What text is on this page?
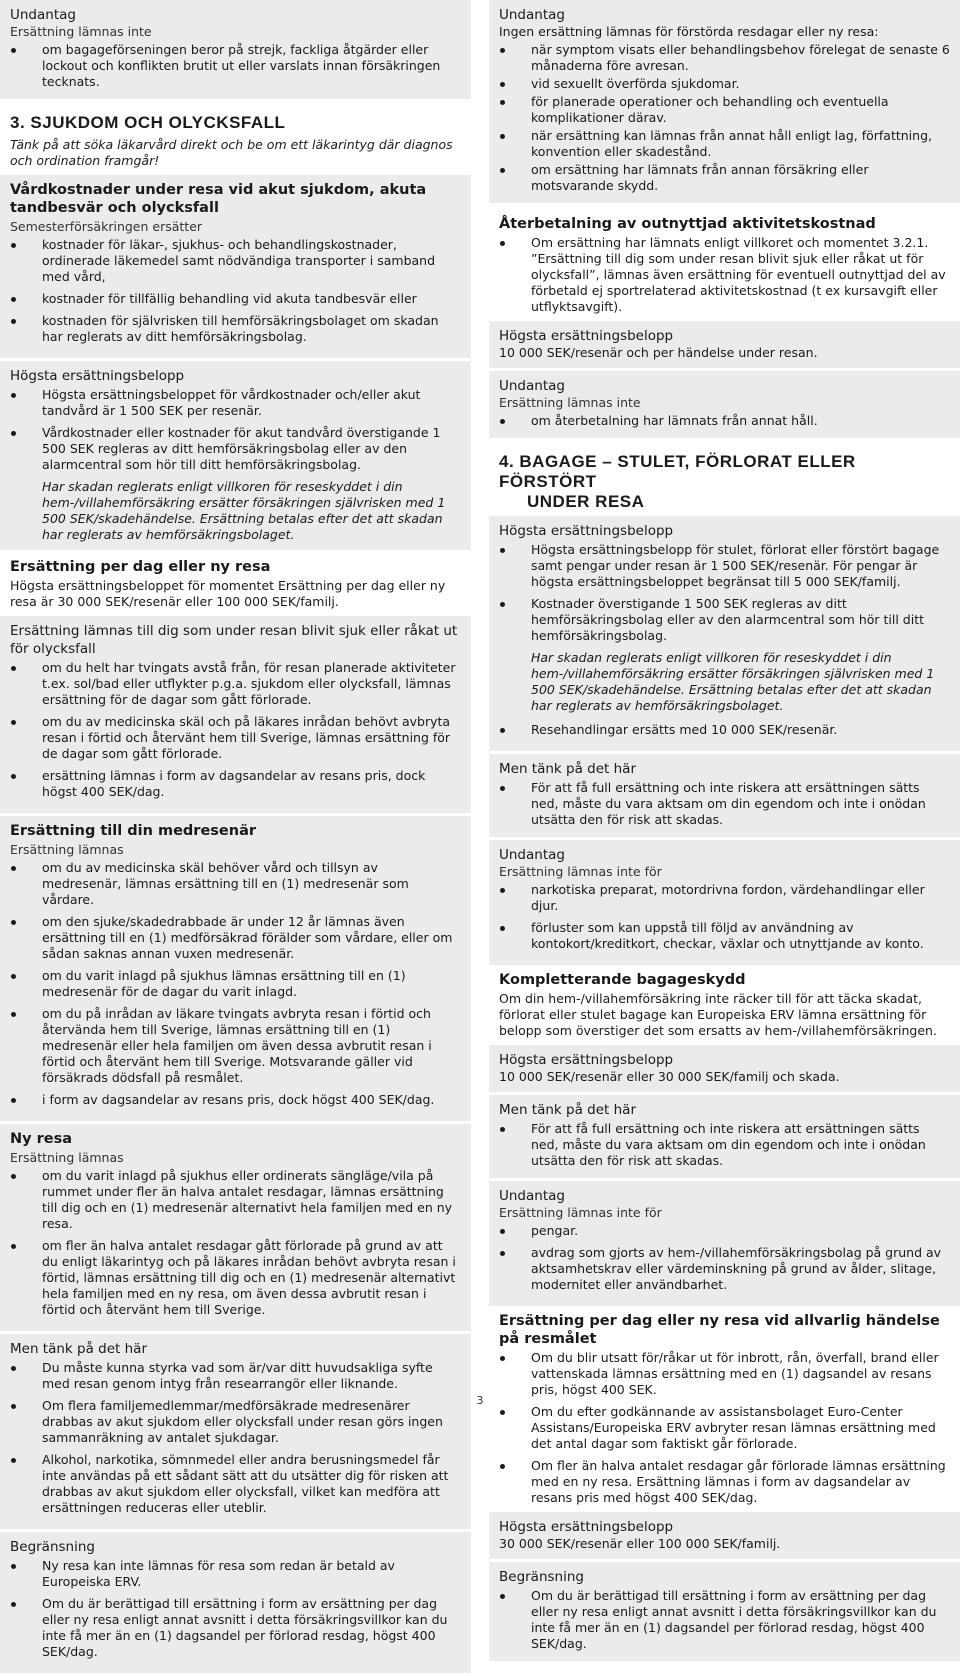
Undantag

Ersättning lämnas inte

om bagageförseningen beror på strejk, fackliga åtgärder eller lockout och konflikten brutit ut eller varslats innan försäkringen tecknats.
3. SJUKDOM OCH OLYCKSFALL

Tänk på att söka läkarvård direkt och be om ett läkarintyg där diagnos och ordination framgår!

Vårdkostnader under resa vid akut sjukdom, akuta tandbesvär och olycksfall

Semesterförsäkringen ersätter

kostnader för läkar-, sjukhus- och behandlingskostnader, ordinerade läkemedel samt nödvändiga transporter i samband med vård,
kostnader för tillfällig behandling vid akuta tandbesvär eller
kostnaden för självrisken till hemförsäkringsbolaget om skadan har reglerats av ditt hemförsäkringsbolag.
Högsta ersättningsbelopp
Högsta ersättningsbeloppet för vårdkostnader och/eller akut tandvård är 1 500 SEK per resenär.
Vårdkostnader eller kostnader för akut tandvård överstigande 1 500 SEK regleras av ditt hemförsäkringsbolag eller av den alarmcentral som hör till ditt hemförsäkringsbolag.

Har skadan reglerats enligt villkoren för reseskyddet i din hem-/villahemförsäkring ersätter försäkringen självrisken med 1 500 SEK/skadehändelse. Ersättning betalas efter det att skadan har reglerats av hemförsäkringsbolaget.

Ersättning per dag eller ny resa

Högsta ersättningsbeloppet för momentet Ersättning per dag eller ny resa är 30 000 SEK/resenär eller 100 000 SEK/familj.

Ersättning lämnas till dig som under resan blivit sjuk eller råkat ut för olycksfall
om du helt har tvingats avstå från, för resan planerade aktiviteter t.ex. sol/bad eller utflykter p.g.a. sjukdom eller olycksfall, lämnas ersättning för de dagar som gått förlorade.
om du av medicinska skäl och på läkares inrådan behövt avbryta resan i förtid och återvänt hem till Sverige, lämnas ersättning för de dagar som gått förlorade.
ersättning lämnas i form av dagsandelar av resans pris, dock högst 400 SEK/dag.
Ersättning till din medresenär

Ersättning lämnas

om du av medicinska skäl behöver vård och tillsyn av medresenär, lämnas ersättning till en (1) medresenär som vårdare.
om den sjuke/skadedrabbade är under 12 år lämnas även ersättning till en (1) medförsäkrad förälder som vårdare, eller om sådan saknas annan vuxen medresenär.
om du varit inlagd på sjukhus lämnas ersättning till en (1) medresenär för de dagar du varit inlagd.
om du på inrådan av läkare tvingats avbryta resan i förtid och återvända hem till Sverige, lämnas ersättning till en (1) medresenär eller hela familjen om även dessa avbrutit resan i förtid och återvänt hem till Sverige. Motsvarande gäller vid försäkrads dödsfall på resmålet.
i form av dagsandelar av resans pris, dock högst 400 SEK/dag.
Ny resa

Ersättning lämnas

om du varit inlagd på sjukhus eller ordinerats sängläge/vila på rummet under fler än halva antalet resdagar, lämnas ersättning till dig och en (1) medresenär alternativt hela familjen med en ny resa.
om fler än halva antalet resdagar gått förlorade på grund av att du enligt läkarintyg och på läkares inrådan behövt avbryta resan i förtid, lämnas ersättning till dig och en (1) medresenär alternativt hela familjen med en ny resa, om även dessa avbrutit resan i förtid och återvänt hem till Sverige.
Men tänk på det här
Du måste kunna styrka vad som är/var ditt huvudsakliga syfte med resan genom intyg från researrangör eller liknande.
Om flera familjemedlemmar/medförsäkrade medresenärer drabbas av akut sjukdom eller olycksfall under resan görs ingen sammanräkning av antalet sjukdagar.
Alkohol, narkotika, sömnmedel eller andra berusningsmedel får inte användas på ett sådant sätt att du utsätter dig för risken att drabbas av akut sjukdom eller olycksfall, vilket kan medföra att ersättningen reduceras eller uteblir.
Begränsning
Ny resa kan inte lämnas för resa som redan är betald av Europeiska ERV.
Om du är berättigad till ersättning i form av ersättning per dag eller ny resa enligt annat avsnitt i detta försäkringsvillkor kan du inte få mer än en (1) dagsandel per förlorad resdag, högst 400 SEK/dag.
Undantag

Ingen ersättning lämnas för förstörda resdagar eller ny resa:

när symptom visats eller behandlingsbehov förelegat de senaste 6 månaderna före avresan.
vid sexuellt överförda sjukdomar.
för planerade operationer och behandling och eventuella komplikationer därav.
när ersättning kan lämnas från annat håll enligt lag, författning, konvention eller skadestånd.
om ersättning har lämnats från annan försäkring eller motsvarande skydd.
Återbetalning av outnyttjad aktivitetskostnad
Om ersättning har lämnats enligt villkoret och momentet 3.2.1. ”Ersättning till dig som under resan blivit sjuk eller råkat ut för olycksfall”, lämnas även ersättning för eventuell outnyttjad del av förbetald ej sportrelaterad aktivitetskostnad (t ex kursavgift eller utflyktsavgift).
Högsta ersättningsbelopp

10 000 SEK/resenär och per händelse under resan.

Undantag

Ersättning lämnas inte

om återbetalning har lämnats från annat håll.
4. BAGAGE – STULET, FÖRLORAT ELLER FÖRSTÖRT
UNDER RESA
Högsta ersättningsbelopp
Högsta ersättningsbelopp för stulet, förlorat eller förstört bagage samt pengar under resan är 1 500 SEK/resenär. För pengar är högsta ersättningsbeloppet begränsat till 5 000 SEK/familj.
Kostnader överstigande 1 500 SEK regleras av ditt hemförsäkringsbolag eller av den alarmcentral som hör till ditt hemförsäkringsbolag.

Har skadan reglerats enligt villkoren för reseskyddet i din hem-/villahemförsäkring ersätter försäkringen självrisken med 1 500 SEK/skadehändelse. Ersättning betalas efter det att skadan har reglerats av hemförsäkringsbolaget.

Resehandlingar ersätts med 10 000 SEK/resenär.
Men tänk på det här
För att få full ersättning och inte riskera att ersättningen sätts ned, måste du vara aktsam om din egendom och inte i onödan utsätta den för risk att skadas.
Undantag

Ersättning lämnas inte för

narkotiska preparat, motordrivna fordon, värdehandlingar eller djur.
förluster som kan uppstå till följd av användning av kontokort/kreditkort, checkar, växlar och utnyttjande av konto.
Kompletterande bagageskydd

Om din hem-/villahemförsäkring inte räcker till för att täcka skadat, förlorat eller stulet bagage kan Europeiska ERV lämna ersättning för belopp som överstiger det som ersatts av hem-/villahemförsäkringen.

Högsta ersättningsbelopp

10 000 SEK/resenär eller 30 000 SEK/familj och skada.

Men tänk på det här
För att få full ersättning och inte riskera att ersättningen sätts ned, måste du vara aktsam om din egendom och inte i onödan utsätta den för risk att skadas.
Undantag

Ersättning lämnas inte för

pengar.
avdrag som gjorts av hem-/villahemförsäkringsbolag på grund av aktsamhetskrav eller värdeminskning på grund av ålder, slitage, modernitet eller användbarhet.
Ersättning per dag eller ny resa vid allvarlig händelse på resmålet
Om du blir utsatt för/råkar ut för inbrott, rån, överfall, brand eller vattenskada lämnas ersättning med en (1) dagsandel av resans pris, högst 400 SEK.
Om du efter godkännande av assistansbolaget Euro-Center Assistans/Europeiska ERV avbryter resan lämnas ersättning med det antal dagar som faktiskt går förlorade.
Om fler än halva antalet resdagar går förlorade lämnas ersättning med en ny resa. Ersättning lämnas i form av dagsandelar av resans pris med högst 400 SEK/dag.
Högsta ersättningsbelopp

30 000 SEK/resenär eller 100 000 SEK/familj.

Begränsning
Om du är berättigad till ersättning i form av ersättning per dag eller ny resa enligt annat avsnitt i detta försäkringsvillkor kan du inte få mer än en (1) dagsandel per förlorad resdag, högst 400 SEK/dag.
3
